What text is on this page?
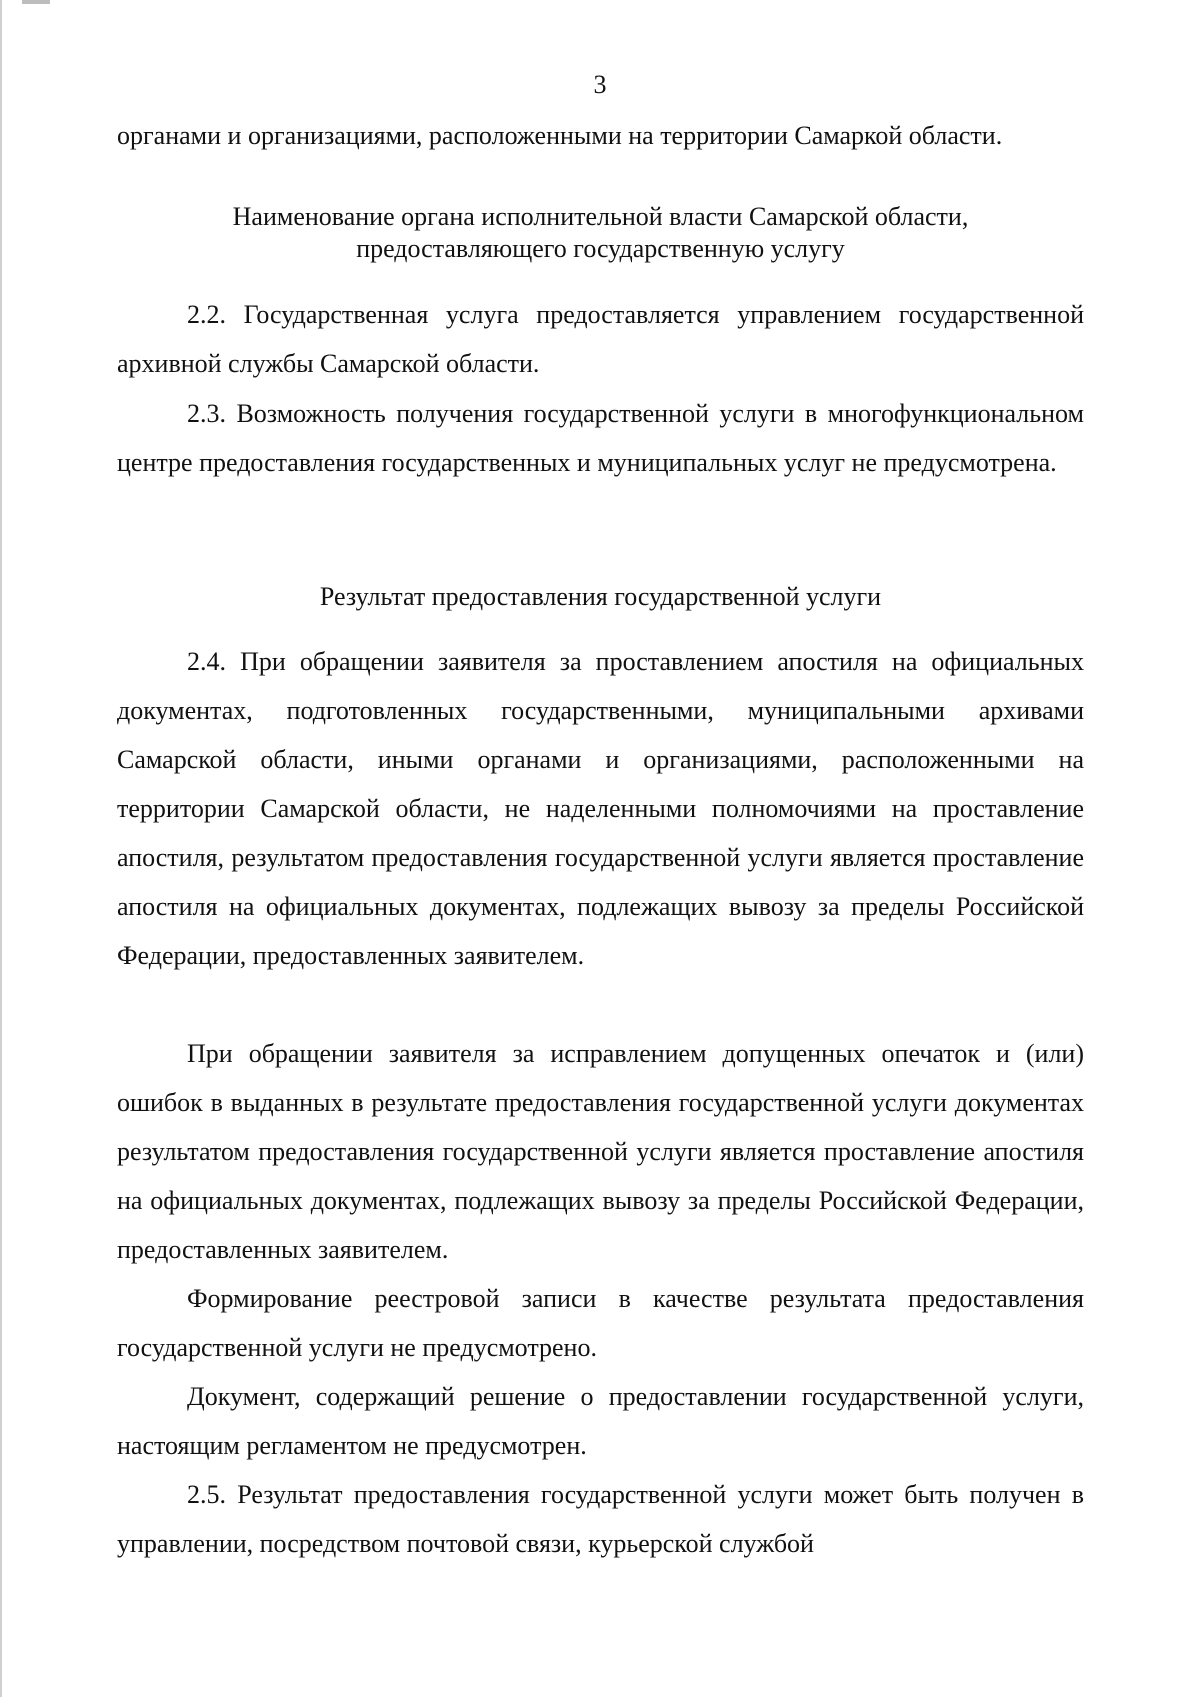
3

органами и организациями, расположенными на территории Самаркой области.

Наименование органа исполнительной власти Самарской области,

предоставляющего государственную услугу

2.2. Государственная услуга предоставляется управлением государственной архивной службы Самарской области.

2.3. Возможность получения государственной услуги в многофункциональном центре предоставления государственных и муниципальных услуг не предусмотрена.

Результат предоставления государственной услуги

2.4. При обращении заявителя за проставлением апостиля на официальных документах, подготовленных государственными, муниципальными архивами Самарской области, иными органами и организациями, расположенными на территории Самарской области, не наделенными полномочиями на проставление апостиля, результатом предоставления государственной услуги является проставление апостиля на официальных документах, подлежащих вывозу за пределы Российской Федерации, предоставленных заявителем.

При обращении заявителя за исправлением допущенных опечаток и (или) ошибок в выданных в результате предоставления государственной услуги документах результатом предоставления государственной услуги является проставление апостиля на официальных документах, подлежащих вывозу за пределы Российской Федерации, предоставленных заявителем.

Формирование реестровой записи в качестве результата предоставления государственной услуги не предусмотрено.

Документ, содержащий решение о предоставлении государственной услуги, настоящим регламентом не предусмотрен.

2.5. Результат предоставления государственной услуги может быть получен в управлении, посредством почтовой связи, курьерской службой
